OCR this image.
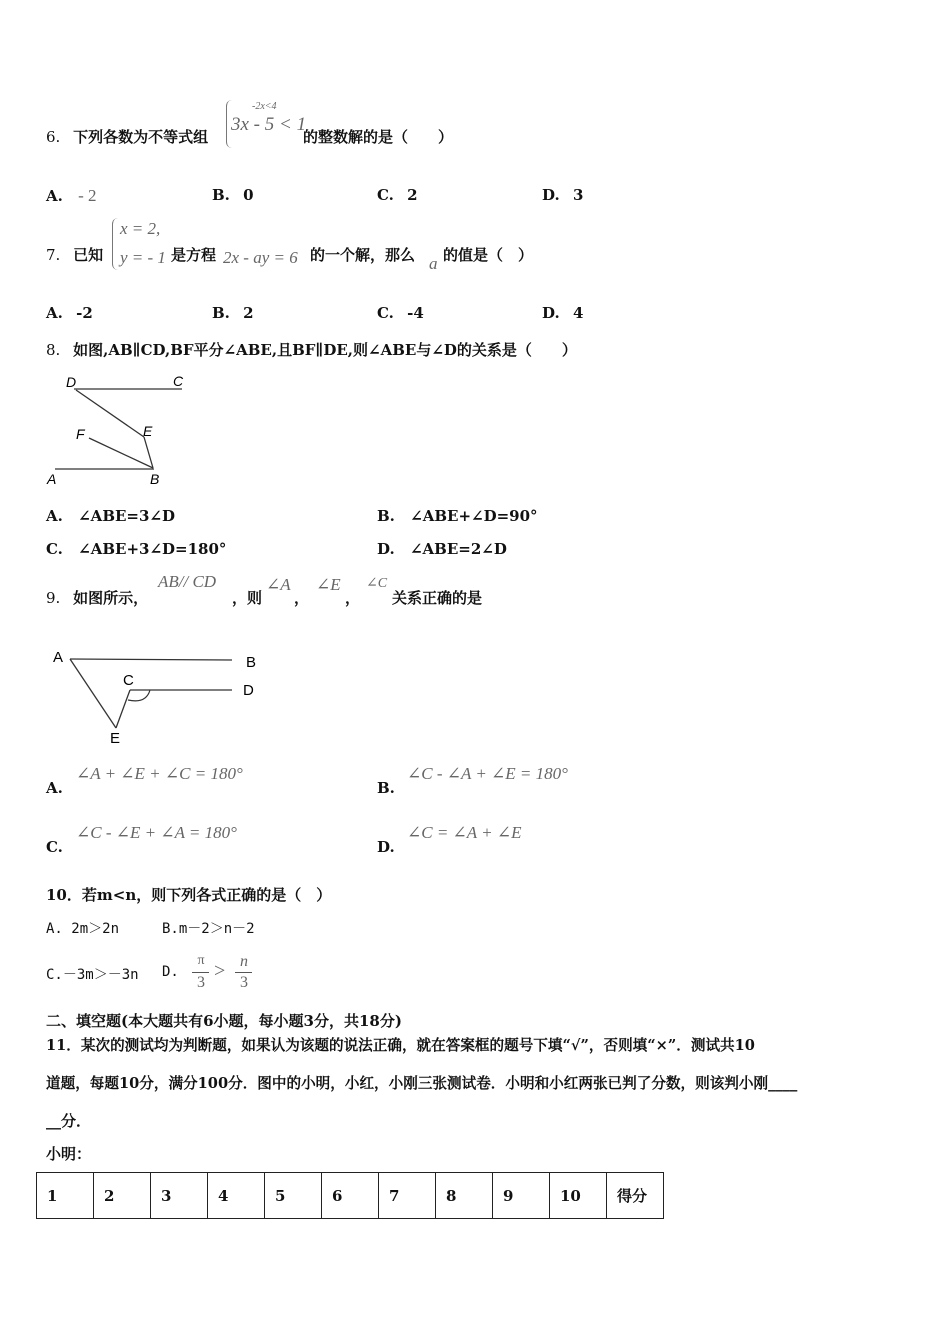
6. 下列各数为不等式组
-2x<4
3x - 5 < 1
的整数解的是（　　）
A. - 2	B. 0	C. 2	D. 3
7. 已知
x = 2,
y = - 1 是方程 2x - ay = 6 的一个解，那么 a 的值是（　）
A. -2	B. 2	C. -4	D. 4
8. 如图,AB∥CD,BF平分∠ABE,且BF∥DE,则∠ABE与∠D的关系是（　　）
D	C
F	E
A	B
A. ∠ABE=3∠D	B. ∠ABE+∠D=90°
C. ∠ABE+3∠D=180°	D. ∠ABE=2∠D
9. 如图所示，
AB// CD
，则
∠A
，
∠E
，
∠C
关系正确的是
A	B
C
D
E
A.
∠A + ∠E + ∠C = 180°
B.
∠C - ∠A + ∠E = 180°
C.
∠C - ∠E + ∠A = 180°
D.
∠C = ∠A + ∠E
10．若m<n，则下列各式正确的是（　）
A. 2m＞2n	B.m－2＞n－2
C.－3m＞－3n D.
π
3
> n
3
二、填空题(本大题共有6小题，每小题3分，共18分)
11．某次的测试均为判断题，如果认为该题的说法正确，就在答案框的题号下填“√”，否则填“×”．测试共10
道题，每题10分，满分100分．图中的小明，小红，小刚三张测试卷．小明和小红两张已判了分数，则该判小刚____
__分．
小明：
1	2	3	4	5	6	7	8	9	10	得分
